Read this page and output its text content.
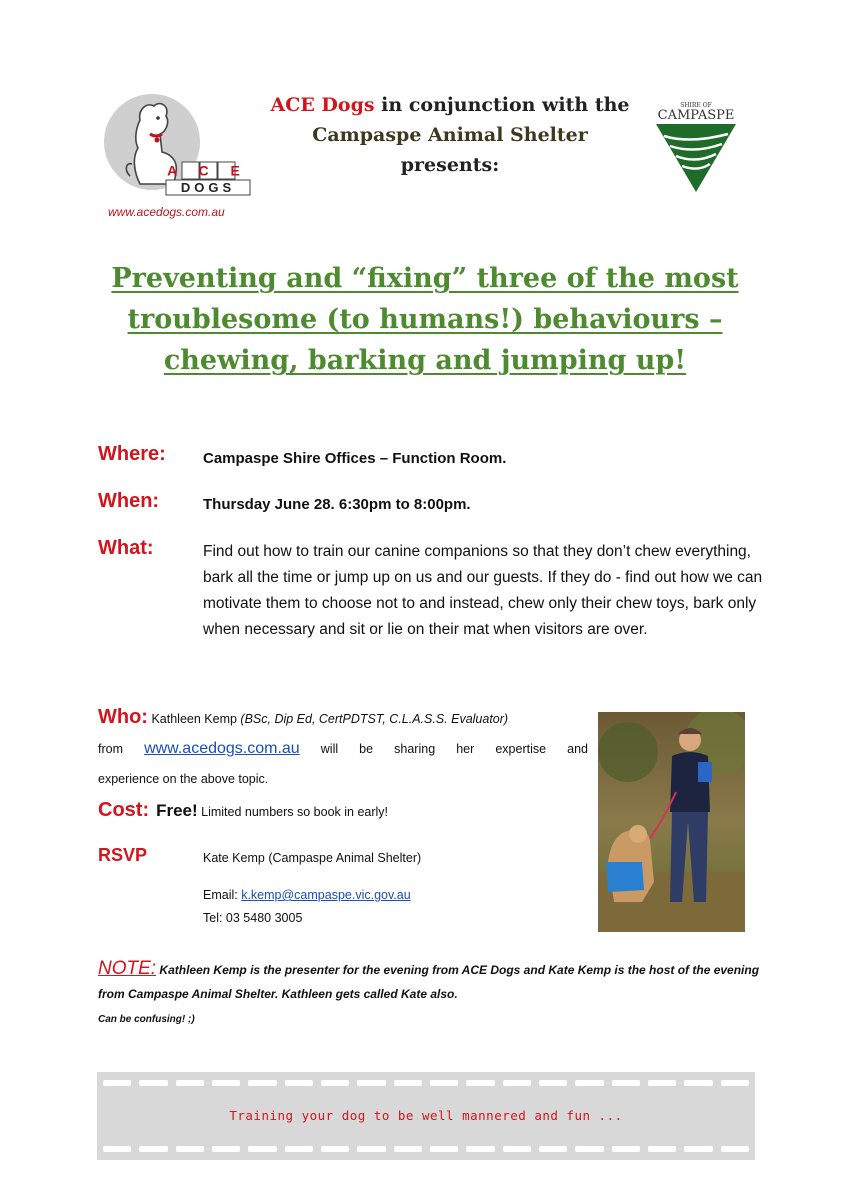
A C E
DOGS
www.acedogs.com.au
ACE Dogs in conjunction with the
Campaspe Animal Shelter
presents:
SHIRE OF
CAMPASPE
Preventing and “fixing” three of the most
troublesome (to humans!) behaviours –
chewing, barking and jumping up!
Where: Campaspe Shire Offices – Function Room.
When:	Thursday June 28. 6:30pm to 8:00pm.
What:	Find out how to train our canine companions so that they don’t chew everything, bark all the time or jump up on us and our guests. If they do - find out how we can motivate them to choose not to and instead, chew only their chew toys, bark only when necessary and sit or lie on their mat when visitors are over.
Who: Kathleen Kemp (BSc, Dip Ed, CertPDTST, C.L.A.S.S. Evaluator)
from www.acedogs.com.au will be sharing her expertise and
experience on the above topic.
Cost: Free! Limited numbers so book in early!
RSVP	Kate Kemp (Campaspe Animal Shelter)
Email: k.kemp@campaspe.vic.gov.au
Tel: 03 5480 3005
NOTE: Kathleen Kemp is the presenter for the evening from ACE Dogs and Kate Kemp is the host of the evening from Campaspe Animal Shelter. Kathleen gets called Kate also.
Can be confusing! ;)
Training your dog to be well mannered and fun ...
